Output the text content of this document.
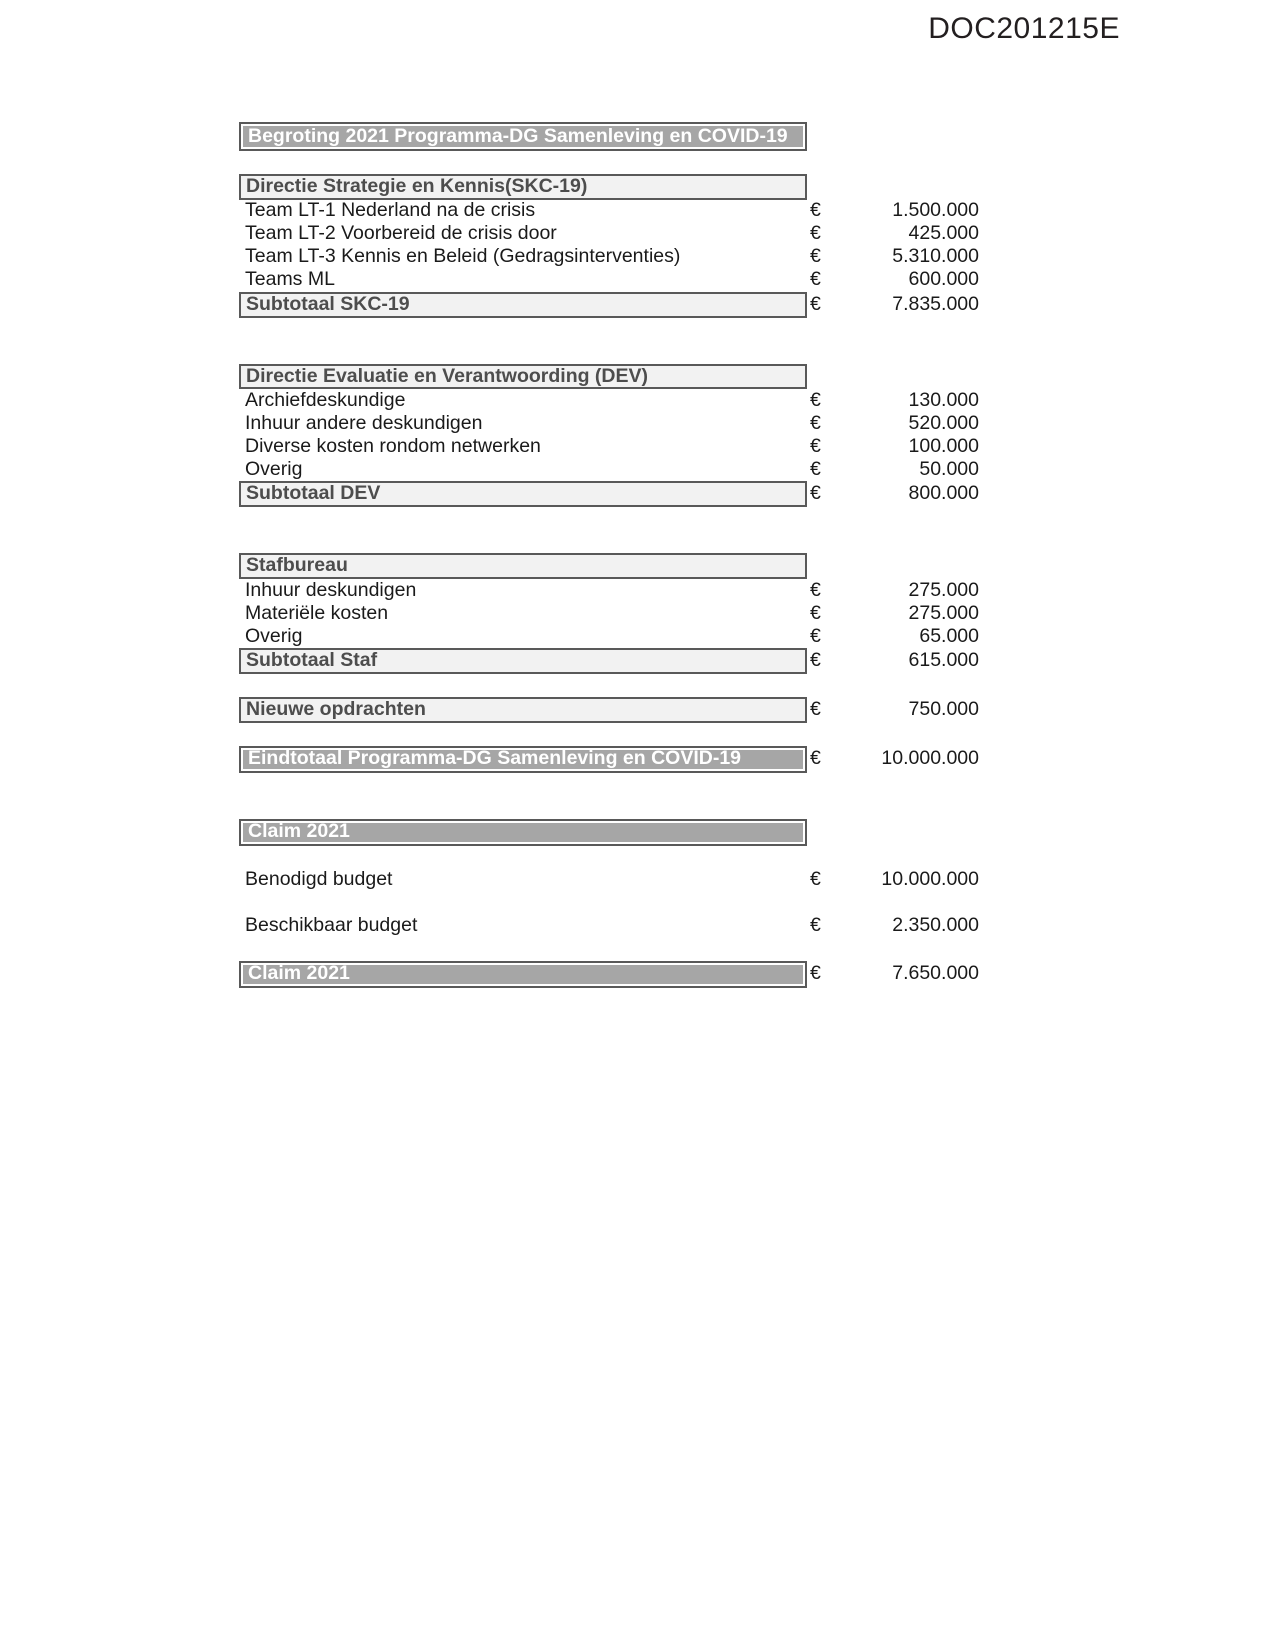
DOC201215E
Begroting 2021 Programma-DG Samenleving en COVID-19
Directie Strategie en Kennis(SKC-19)
Team LT-1 Nederland na de crisis	€	1.500.000
Team LT-2 Voorbereid de crisis door	€	425.000
Team LT-3 Kennis en Beleid (Gedragsinterventies)	€	5.310.000
Teams ML	€	600.000
Subtotaal SKC-19	€	7.835.000
Directie Evaluatie en Verantwoording (DEV)
Archiefdeskundige	€	130.000
Inhuur andere deskundigen	€	520.000
Diverse kosten rondom netwerken	€	100.000
Overig	€	50.000
Subtotaal DEV	€	800.000
Stafbureau
Inhuur deskundigen	€	275.000
Materiële kosten	€	275.000
Overig	€	65.000
Subtotaal Staf	€	615.000
Nieuwe opdrachten	€	750.000
Eindtotaal Programma-DG Samenleving en COVID-19	€	10.000.000
Claim 2021
Benodigd budget	€	10.000.000
Beschikbaar budget	€	2.350.000
Claim 2021	€	7.650.000
